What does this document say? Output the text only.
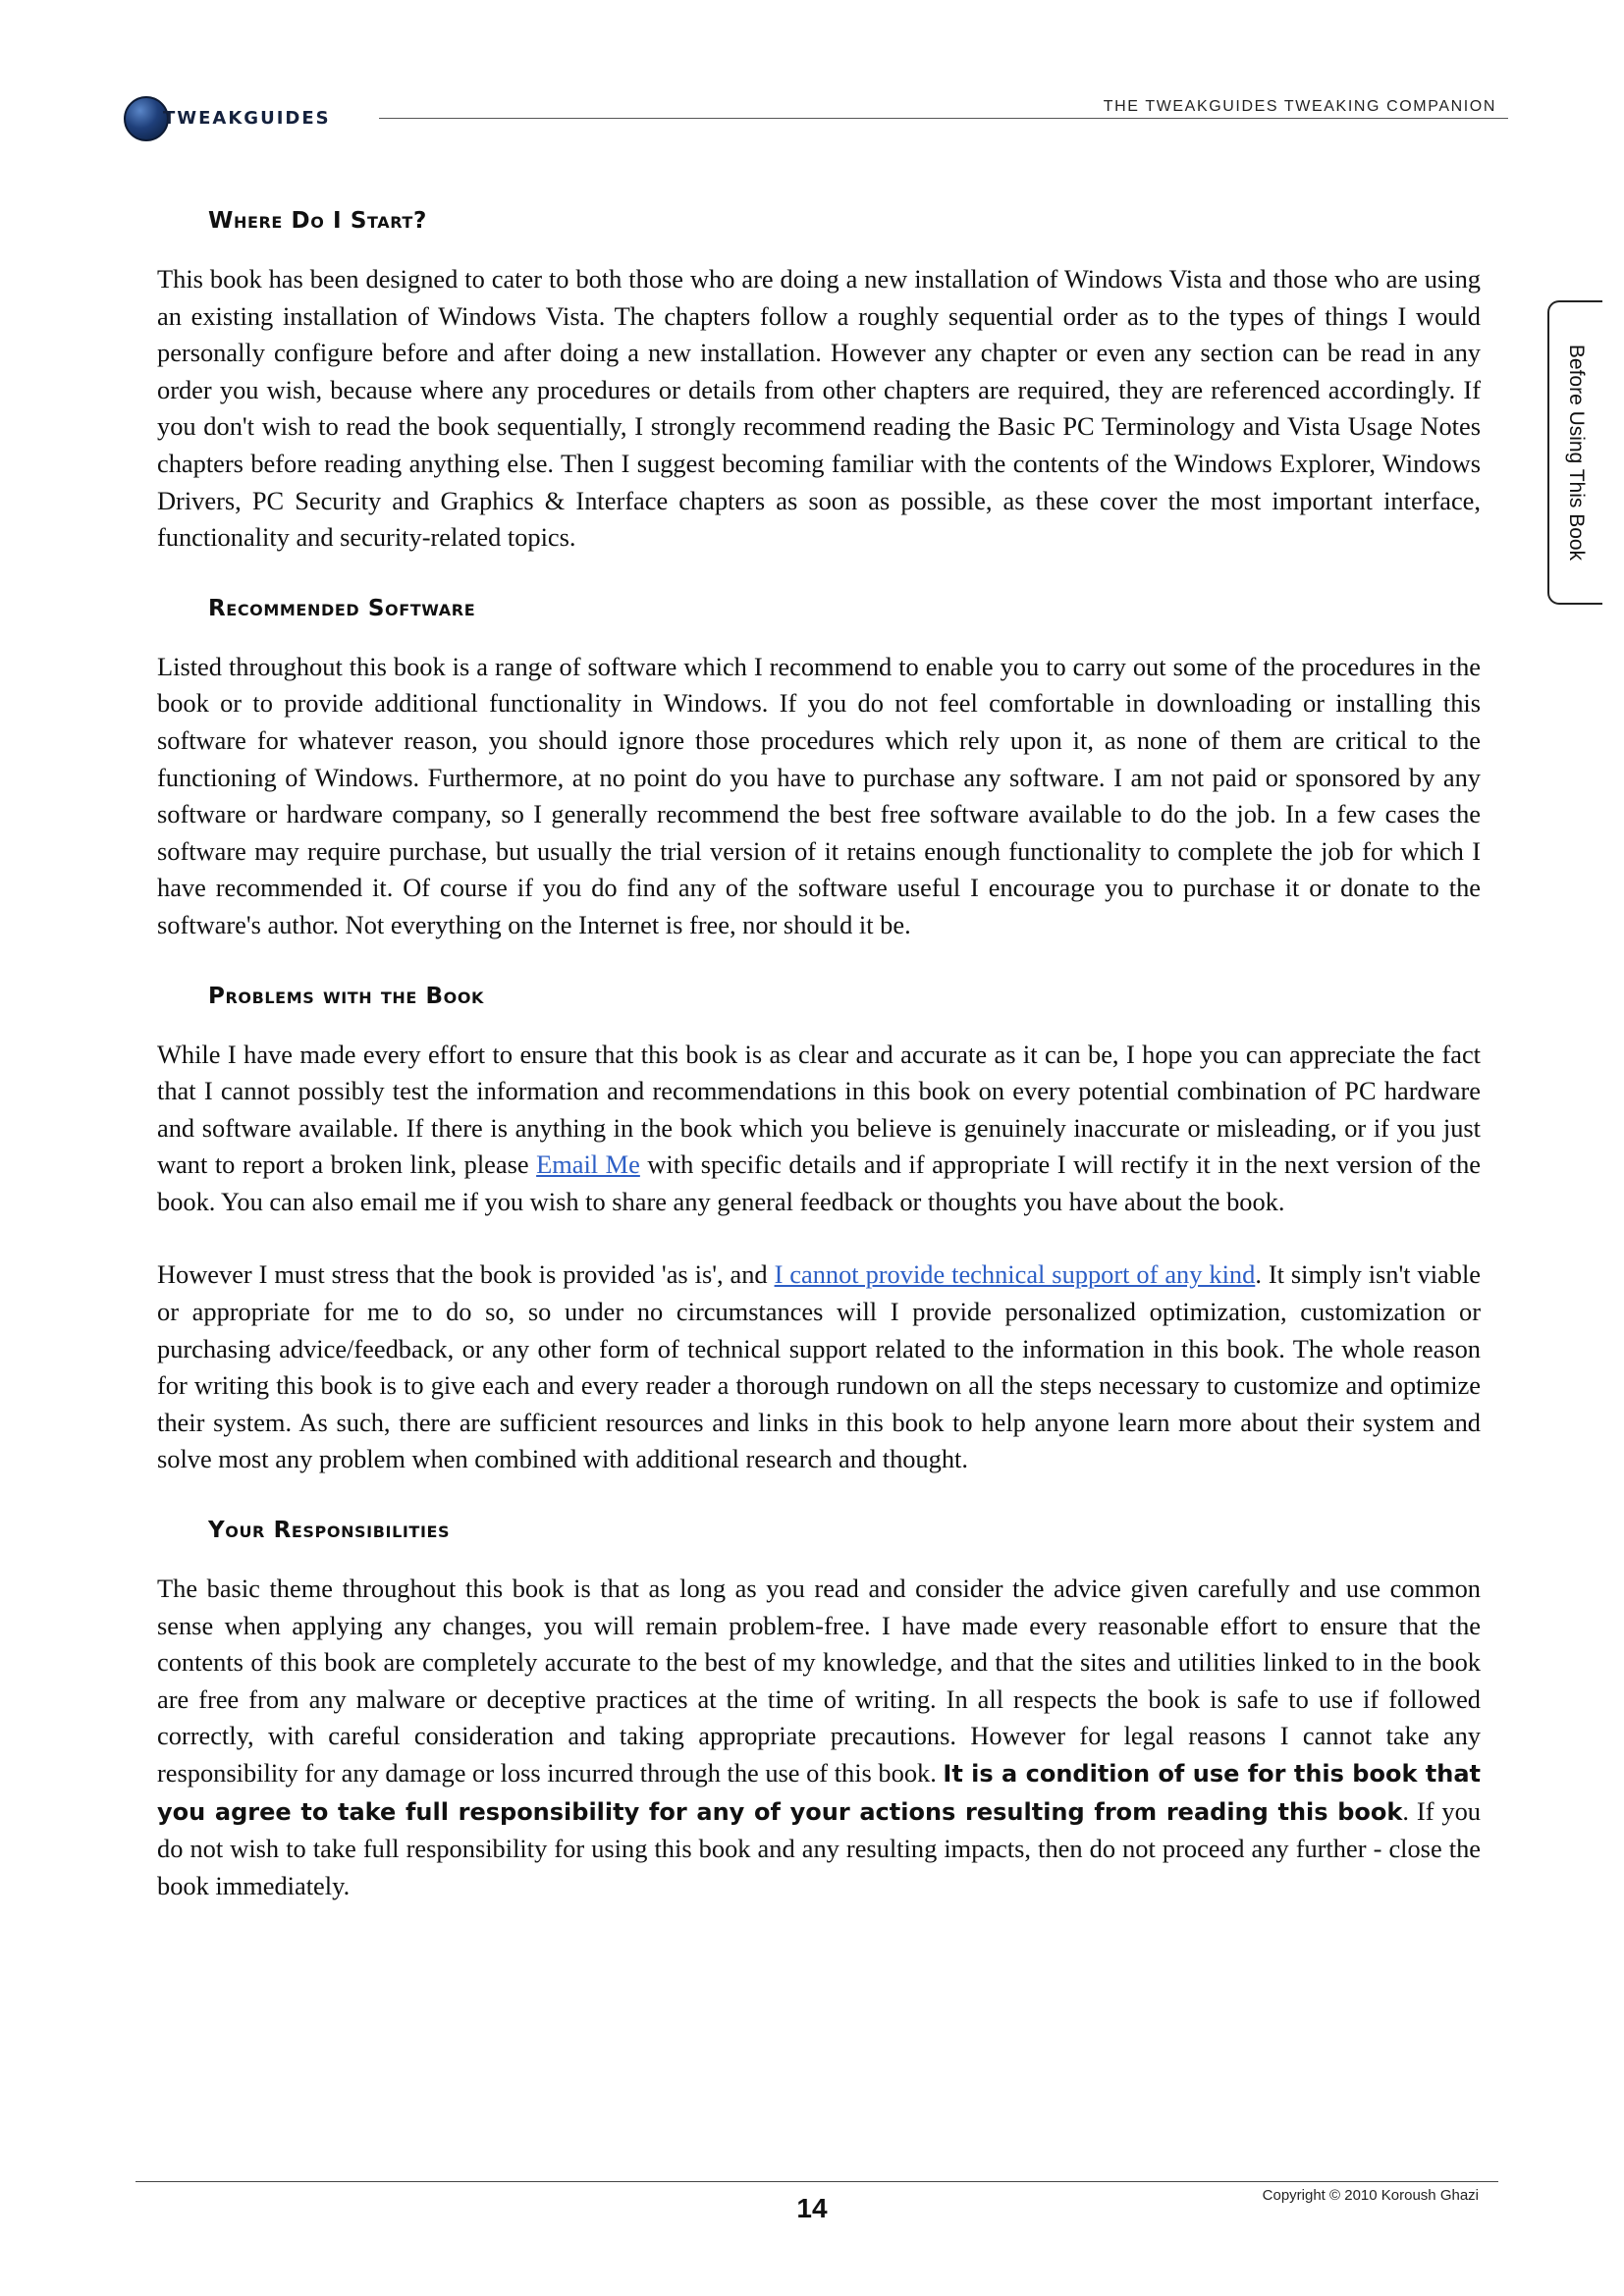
TWEAKGUIDES
THE TWEAKGUIDES TWEAKING COMPANION
Before Using This Book
Where Do I Start?

This book has been designed to cater to both those who are doing a new installation of Windows Vista and those who are using an existing installation of Windows Vista. The chapters follow a roughly sequential order as to the types of things I would personally configure before and after doing a new installation. However any chapter or even any section can be read in any order you wish, because where any procedures or details from other chapters are required, they are referenced accordingly. If you don't wish to read the book sequentially, I strongly recommend reading the Basic PC Terminology and Vista Usage Notes chapters before reading anything else. Then I suggest becoming familiar with the contents of the Windows Explorer, Windows Drivers, PC Security and Graphics & Interface chapters as soon as possible, as these cover the most important interface, functionality and security-related topics.

Recommended Software

Listed throughout this book is a range of software which I recommend to enable you to carry out some of the procedures in the book or to provide additional functionality in Windows. If you do not feel comfortable in downloading or installing this software for whatever reason, you should ignore those procedures which rely upon it, as none of them are critical to the functioning of Windows. Furthermore, at no point do you have to purchase any software. I am not paid or sponsored by any software or hardware company, so I generally recommend the best free software available to do the job. In a few cases the software may require purchase, but usually the trial version of it retains enough functionality to complete the job for which I have recommended it. Of course if you do find any of the software useful I encourage you to purchase it or donate to the software's author. Not everything on the Internet is free, nor should it be.

Problems with the Book

While I have made every effort to ensure that this book is as clear and accurate as it can be, I hope you can appreciate the fact that I cannot possibly test the information and recommendations in this book on every potential combination of PC hardware and software available. If there is anything in the book which you believe is genuinely inaccurate or misleading, or if you just want to report a broken link, please Email Me with specific details and if appropriate I will rectify it in the next version of the book. You can also email me if you wish to share any general feedback or thoughts you have about the book.

However I must stress that the book is provided 'as is', and I cannot provide technical support of any kind. It simply isn't viable or appropriate for me to do so, so under no circumstances will I provide personalized optimization, customization or purchasing advice/feedback, or any other form of technical support related to the information in this book. The whole reason for writing this book is to give each and every reader a thorough rundown on all the steps necessary to customize and optimize their system. As such, there are sufficient resources and links in this book to help anyone learn more about their system and solve most any problem when combined with additional research and thought.

Your Responsibilities

The basic theme throughout this book is that as long as you read and consider the advice given carefully and use common sense when applying any changes, you will remain problem-free. I have made every reasonable effort to ensure that the contents of this book are completely accurate to the best of my knowledge, and that the sites and utilities linked to in the book are free from any malware or deceptive practices at the time of writing. In all respects the book is safe to use if followed correctly, with careful consideration and taking appropriate precautions. However for legal reasons I cannot take any responsibility for any damage or loss incurred through the use of this book. It is a condition of use for this book that you agree to take full responsibility for any of your actions resulting from reading this book. If you do not wish to take full responsibility for using this book and any resulting impacts, then do not proceed any further - close the book immediately.

14	Copyright © 2010 Koroush Ghazi
